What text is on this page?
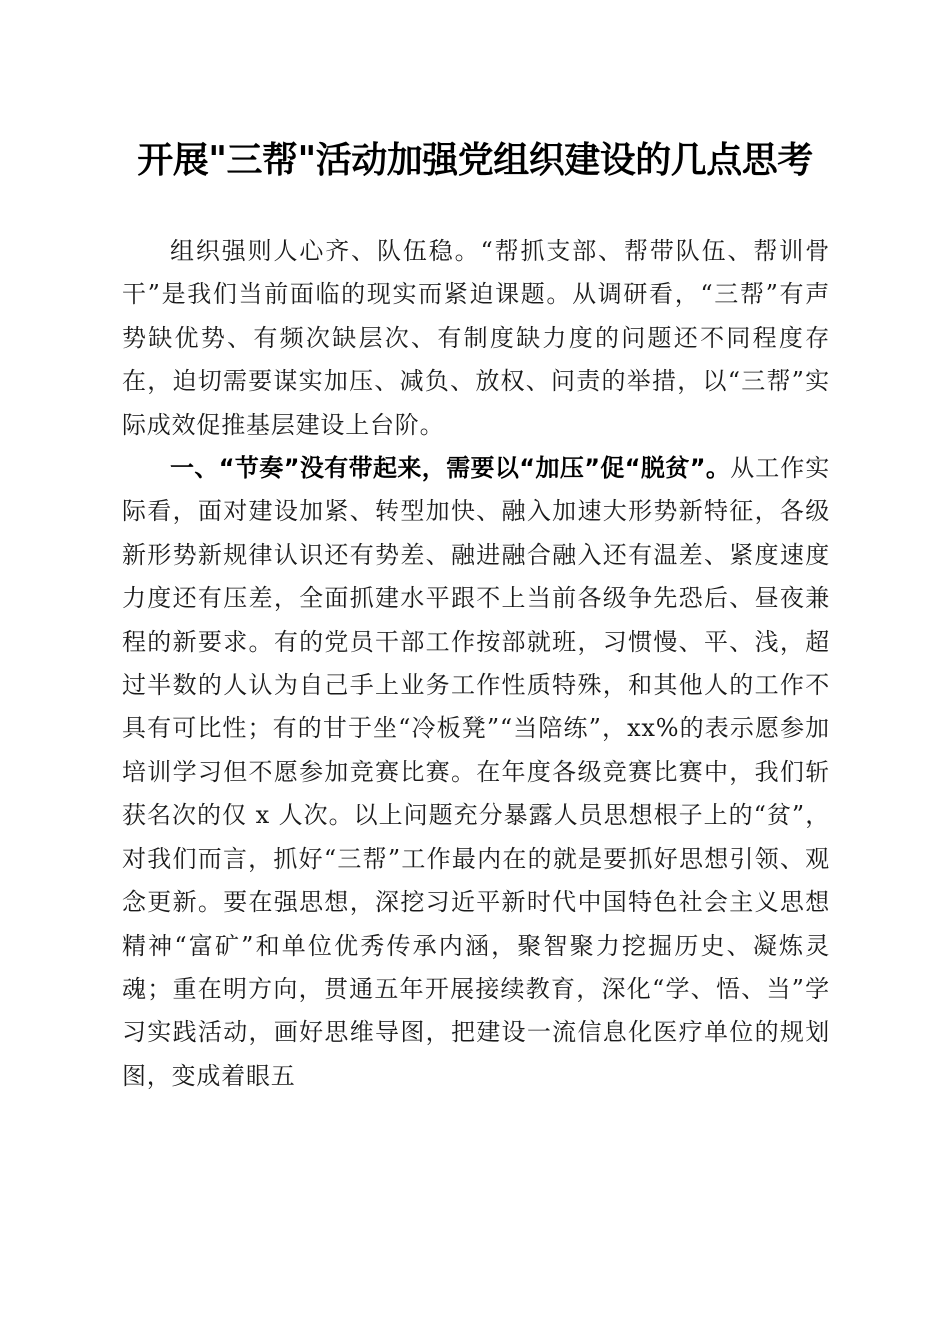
开展"三帮"活动加强党组织建设的几点思考

组织强则人心齐、队伍稳。“帮抓支部、帮带队伍、帮训骨干”是我们当前面临的现实而紧迫课题。从调研看，“三帮”有声势缺优势、有频次缺层次、有制度缺力度的问题还不同程度存在，迫切需要谋实加压、减负、放权、问责的举措，以“三帮”实际成效促推基层建设上台阶。

一、“节奏”没有带起来，需要以“加压”促“脱贫”。从工作实际看，面对建设加紧、转型加快、融入加速大形势新特征，各级新形势新规律认识还有势差、融进融合融入还有温差、紧度速度力度还有压差，全面抓建水平跟不上当前各级争先恐后、昼夜兼程的新要求。有的党员干部工作按部就班，习惯慢、平、浅，超过半数的人认为自己手上业务工作性质特殊，和其他人的工作不具有可比性；有的甘于坐“冷板凳”“当陪练”，xx%的表示愿参加培训学习但不愿参加竞赛比赛。在年度各级竞赛比赛中，我们斩获名次的仅 x 人次。以上问题充分暴露人员思想根子上的“贫”，对我们而言，抓好“三帮”工作最内在的就是要抓好思想引领、观念更新。要在强思想，深挖习近平新时代中国特色社会主义思想精神“富矿”和单位优秀传承内涵，聚智聚力挖掘历史、凝炼灵魂；重在明方向，贯通五年开展接续教育，深化“学、悟、当”学习实践活动，画好思维导图，把建设一流信息化医疗单位的规划图，变成着眼五
